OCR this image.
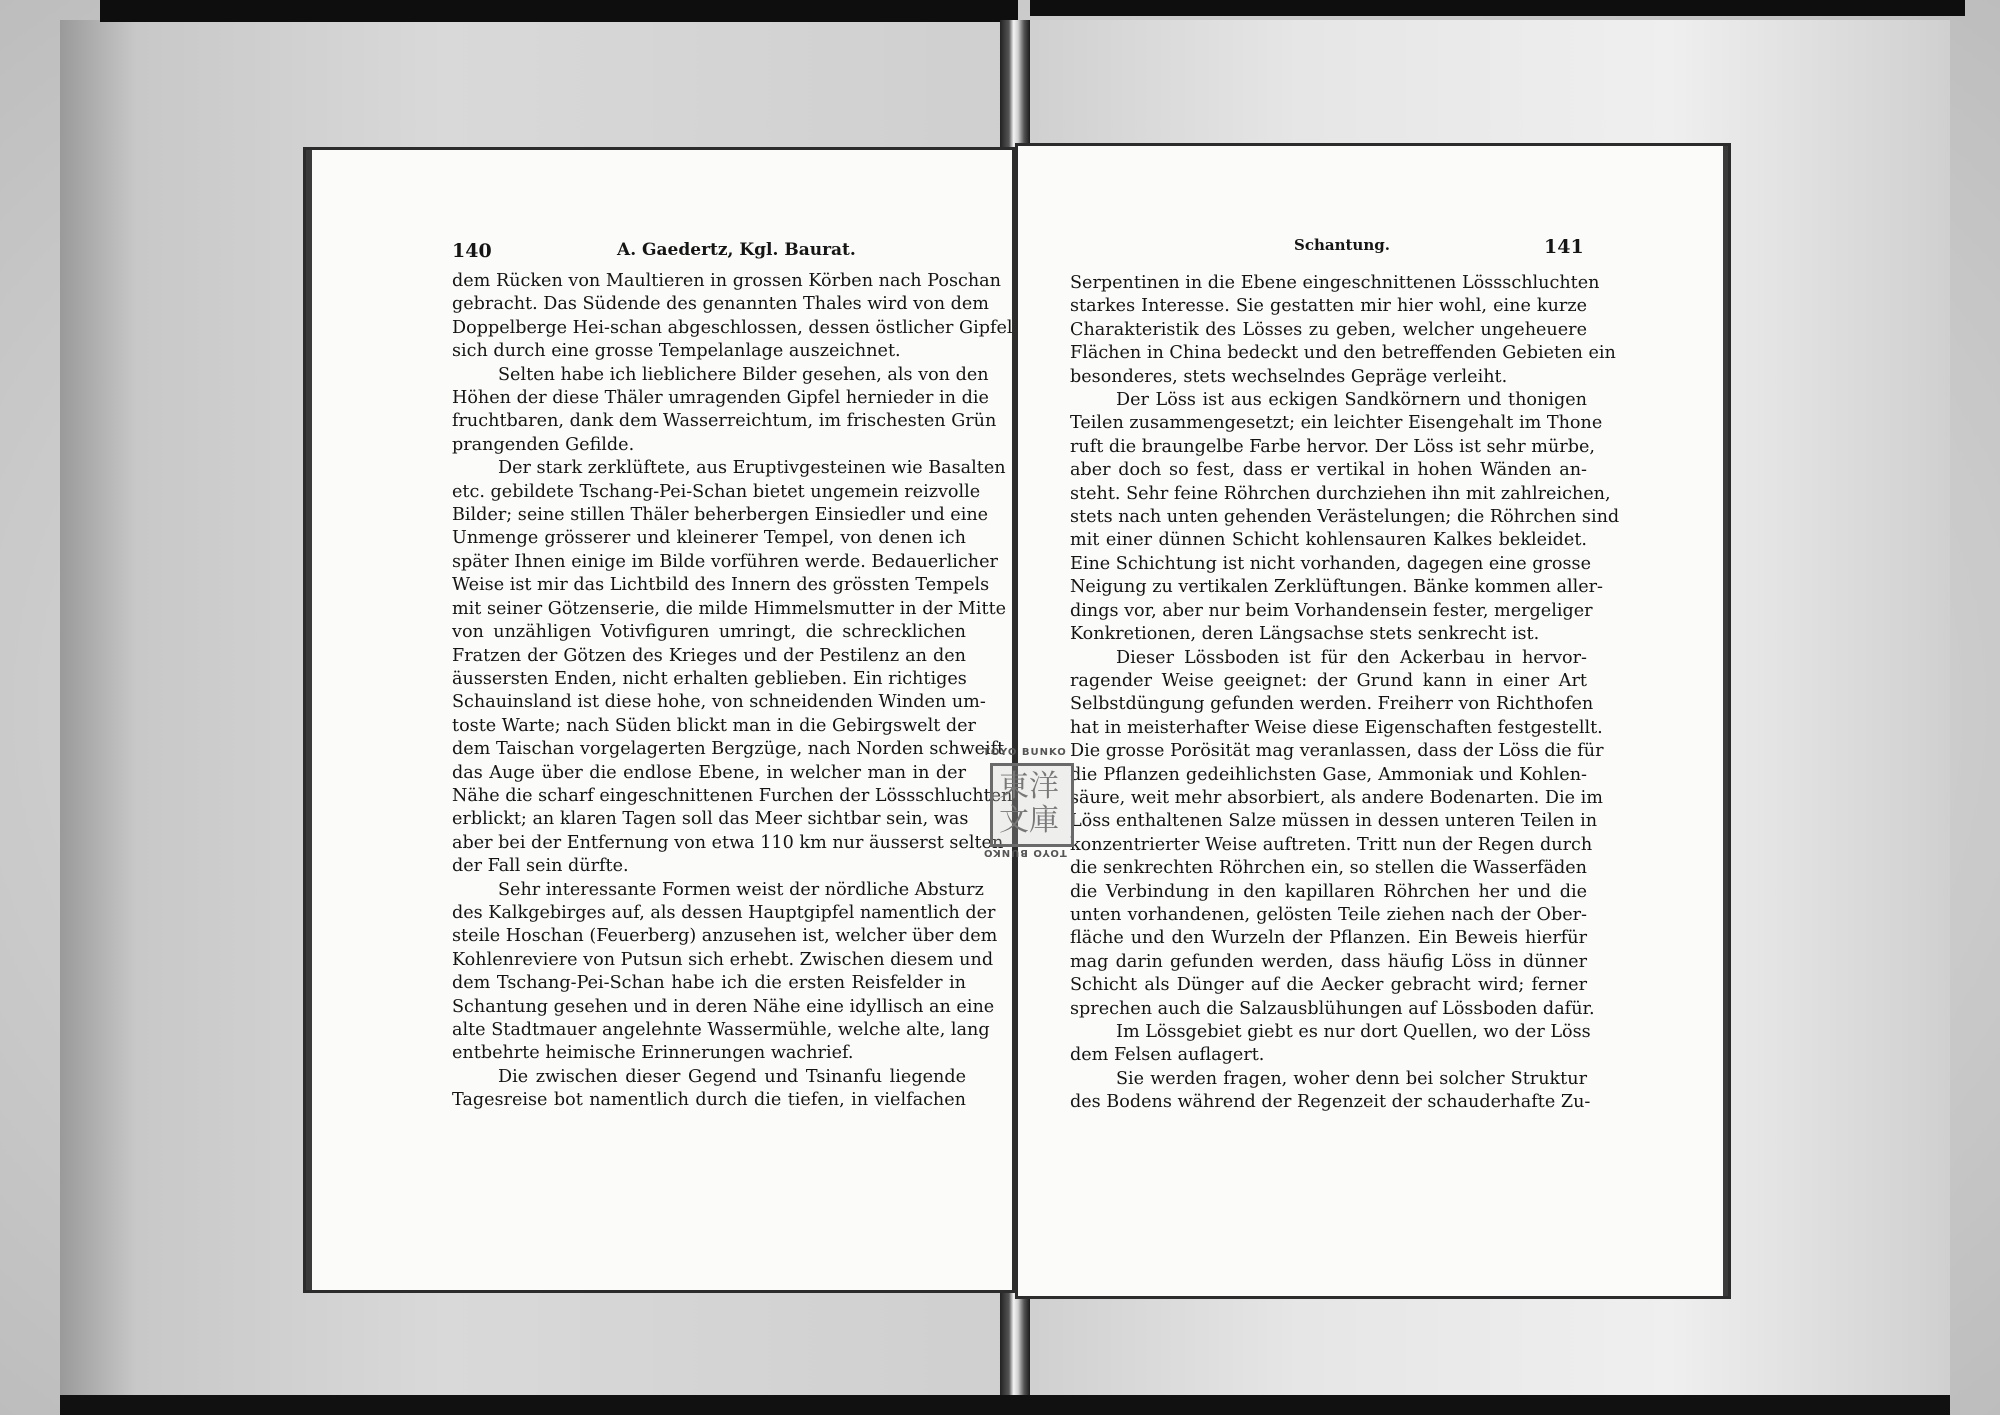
140	A. Gaedertz, Kgl. Baurat.
dem Rücken von Maultieren in grossen Körben nach Poschan
gebracht. Das Südende des genannten Thales wird von dem
Doppelberge Hei-schan abgeschlossen, dessen östlicher Gipfel
sich durch eine grosse Tempelanlage auszeichnet.
Selten habe ich lieblichere Bilder gesehen, als von den
Höhen der diese Thäler umragenden Gipfel hernieder in die
fruchtbaren, dank dem Wasserreichtum, im frischesten Grün
prangenden Gefilde.
Der stark zerklüftete, aus Eruptivgesteinen wie Basalten
etc. gebildete Tschang-Pei-Schan bietet ungemein reizvolle
Bilder; seine stillen Thäler beherbergen Einsiedler und eine
Unmenge grösserer und kleinerer Tempel, von denen ich
später Ihnen einige im Bilde vorführen werde. Bedauerlicher
Weise ist mir das Lichtbild des Innern des grössten Tempels
mit seiner Götzenserie, die milde Himmelsmutter in der Mitte
von unzähligen Votivfiguren umringt, die schrecklichen
Fratzen der Götzen des Krieges und der Pestilenz an den
äussersten Enden, nicht erhalten geblieben. Ein richtiges
Schauinsland ist diese hohe, von schneidenden Winden um-
toste Warte; nach Süden blickt man in die Gebirgswelt der
dem Taischan vorgelagerten Bergzüge, nach Norden schweift
das Auge über die endlose Ebene, in welcher man in der
Nähe die scharf eingeschnittenen Furchen der Lössschluchten
erblickt; an klaren Tagen soll das Meer sichtbar sein, was
aber bei der Entfernung von etwa 110 km nur äusserst selten
der Fall sein dürfte.
Sehr interessante Formen weist der nördliche Absturz
des Kalkgebirges auf, als dessen Hauptgipfel namentlich der
steile Hoschan (Feuerberg) anzusehen ist, welcher über dem
Kohlenreviere von Putsun sich erhebt. Zwischen diesem und
dem Tschang-Pei-Schan habe ich die ersten Reisfelder in
Schantung gesehen und in deren Nähe eine idyllisch an eine
alte Stadtmauer angelehnte Wassermühle, welche alte, lang
entbehrte heimische Erinnerungen wachrief.
Die zwischen dieser Gegend und Tsinanfu liegende
Tagesreise bot namentlich durch die tiefen, in vielfachen
Schantung.	141
Serpentinen in die Ebene eingeschnittenen Lössschluchten
starkes Interesse. Sie gestatten mir hier wohl, eine kurze
Charakteristik des Lösses zu geben, welcher ungeheuere
Flächen in China bedeckt und den betreffenden Gebieten ein
besonderes, stets wechselndes Gepräge verleiht.
Der Löss ist aus eckigen Sandkörnern und thonigen
Teilen zusammengesetzt; ein leichter Eisengehalt im Thone
ruft die braungelbe Farbe hervor. Der Löss ist sehr mürbe,
aber doch so fest, dass er vertikal in hohen Wänden an-
steht. Sehr feine Röhrchen durchziehen ihn mit zahlreichen,
stets nach unten gehenden Verästelungen; die Röhrchen sind
mit einer dünnen Schicht kohlensauren Kalkes bekleidet.
Eine Schichtung ist nicht vorhanden, dagegen eine grosse
Neigung zu vertikalen Zerklüftungen. Bänke kommen aller-
dings vor, aber nur beim Vorhandensein fester, mergeliger
Konkretionen, deren Längsachse stets senkrecht ist.
Dieser Lössboden ist für den Ackerbau in hervor-
ragender Weise geeignet: der Grund kann in einer Art
Selbstdüngung gefunden werden. Freiherr von Richthofen
hat in meisterhafter Weise diese Eigenschaften festgestellt.
Die grosse Porösität mag veranlassen, dass der Löss die für
die Pflanzen gedeihlichsten Gase, Ammoniak und Kohlen-
säure, weit mehr absorbiert, als andere Bodenarten. Die im
Löss enthaltenen Salze müssen in dessen unteren Teilen in
konzentrierter Weise auftreten. Tritt nun der Regen durch
die senkrechten Röhrchen ein, so stellen die Wasserfäden
die Verbindung in den kapillaren Röhrchen her und die
unten vorhandenen, gelösten Teile ziehen nach der Ober-
fläche und den Wurzeln der Pflanzen. Ein Beweis hierfür
mag darin gefunden werden, dass häufig Löss in dünner
Schicht als Dünger auf die Aecker gebracht wird; ferner
sprechen auch die Salzausblühungen auf Lössboden dafür.
Im Lössgebiet giebt es nur dort Quellen, wo der Löss
dem Felsen auflagert.
Sie werden fragen, woher denn bei solcher Struktur
des Bodens während der Regenzeit der schauderhafte Zu-
TOYO BUNKO
東洋文庫
TOYO BUNKO
